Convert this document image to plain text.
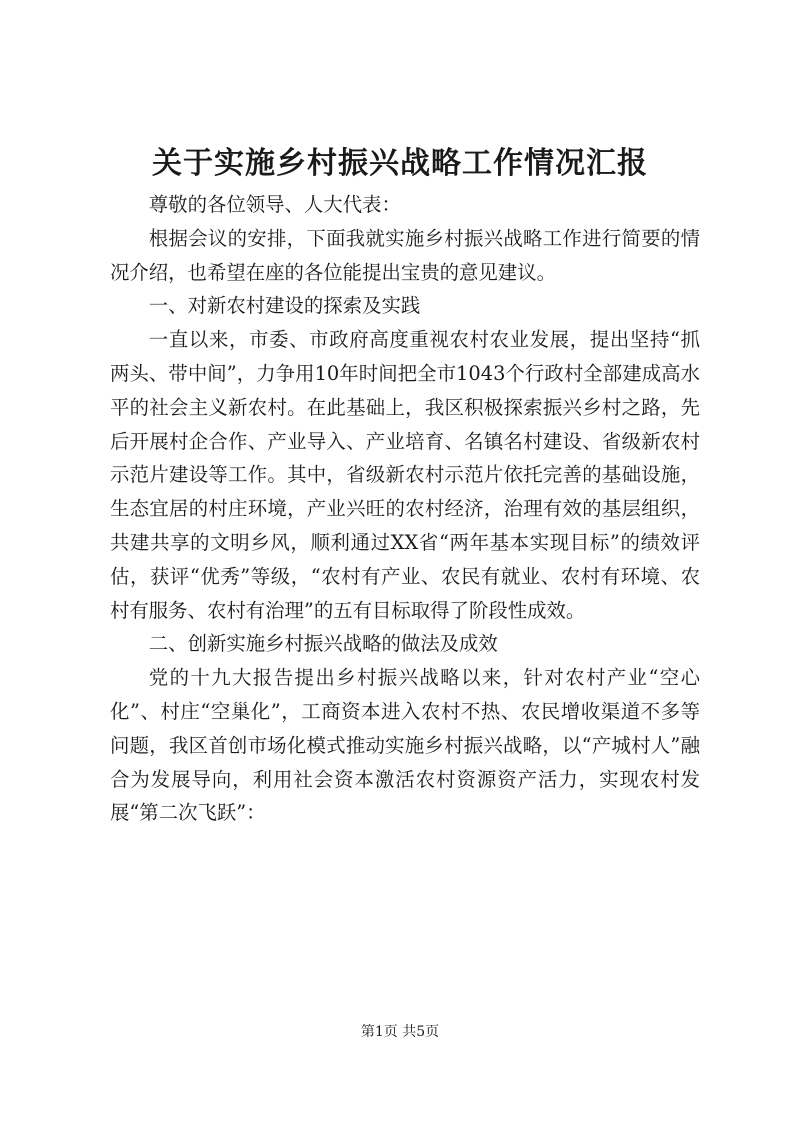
关于实施乡村振兴战略工作情况汇报

尊敬的各位领导、人大代表：

根据会议的安排，下面我就实施乡村振兴战略工作进行简要的情况介绍，也希望在座的各位能提出宝贵的意见建议。

一、对新农村建设的探索及实践

一直以来，市委、市政府高度重视农村农业发展，提出坚持“抓两头、带中间”，力争用10年时间把全市1043个行政村全部建成高水平的社会主义新农村。在此基础上，我区积极探索振兴乡村之路，先后开展村企合作、产业导入、产业培育、名镇名村建设、省级新农村示范片建设等工作。其中，省级新农村示范片依托完善的基础设施，生态宜居的村庄环境，产业兴旺的农村经济，治理有效的基层组织，共建共享的文明乡风，顺利通过XX省“两年基本实现目标”的绩效评估，获评“优秀”等级，“农村有产业、农民有就业、农村有环境、农村有服务、农村有治理”的五有目标取得了阶段性成效。

二、创新实施乡村振兴战略的做法及成效

党的十九大报告提出乡村振兴战略以来，针对农村产业“空心化”、村庄“空巢化”，工商资本进入农村不热、农民增收渠道不多等问题，我区首创市场化模式推动实施乡村振兴战略，以“产城村人”融合为发展导向，利用社会资本激活农村资源资产活力，实现农村发展“第二次飞跃”：

第1页 共5页
